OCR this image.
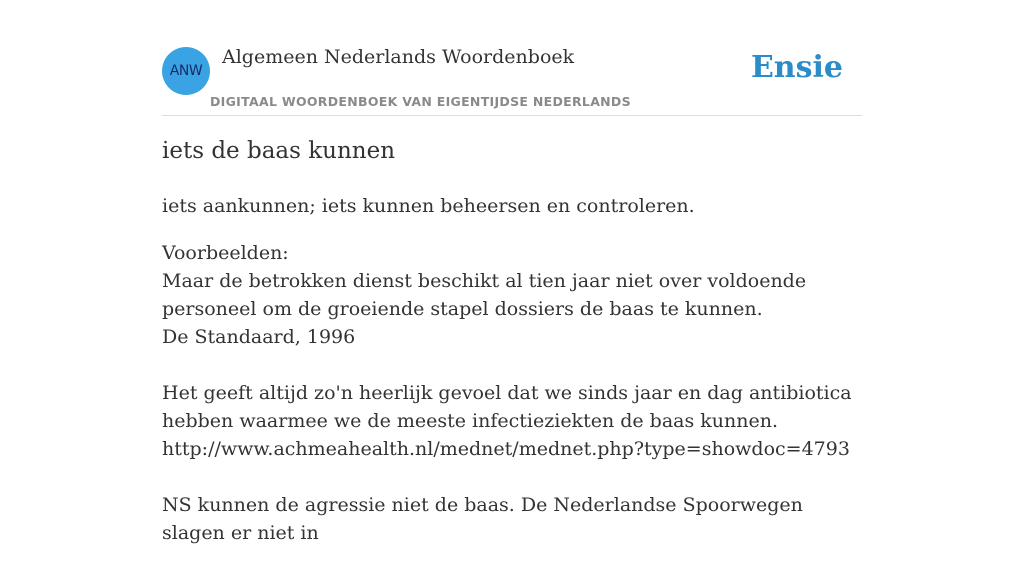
ANW
Algemeen Nederlands Woordenboek
DIGITAAL WOORDENBOEK VAN EIGENTIJDSE NEDERLANDS
Ensie
iets de baas kunnen

iets aankunnen; iets kunnen beheersen en controleren.

Voorbeelden:
Maar de betrokken dienst beschikt al tien jaar niet over voldoende personeel om de groeiende stapel dossiers de baas te kunnen.
De Standaard, 1996
Het geeft altijd zo'n heerlijk gevoel dat we sinds jaar en dag antibiotica hebben waarmee we de meeste infectieziekten de baas kunnen.
http://www.achmeahealth.nl/mednet/mednet.php?type=showdoc=4793
NS kunnen de agressie niet de baas. De Nederlandse Spoorwegen slagen er niet in
